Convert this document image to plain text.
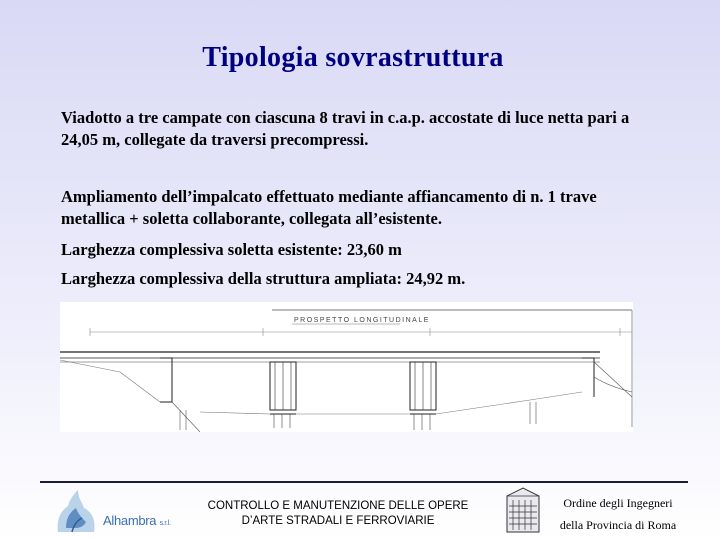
Tipologia sovrastruttura
Viadotto a tre campate con ciascuna 8 travi in c.a.p. accostate di luce netta pari a 24,05 m, collegate da traversi precompressi.
Ampliamento dell’impalcato effettuato mediante affiancamento di n. 1 trave metallica + soletta collaborante, collegata all’esistente.
Larghezza complessiva soletta esistente: 23,60 m
Larghezza complessiva della struttura ampliata: 24,92 m.
PROSPETTO LONGITUDINALE
Alhambra s.r.l.
CONTROLLO E MANUTENZIONE DELLE OPERE
D’ARTE STRADALI E FERROVIARIE
Ordine degli Ingegneri
della Provincia di Roma
